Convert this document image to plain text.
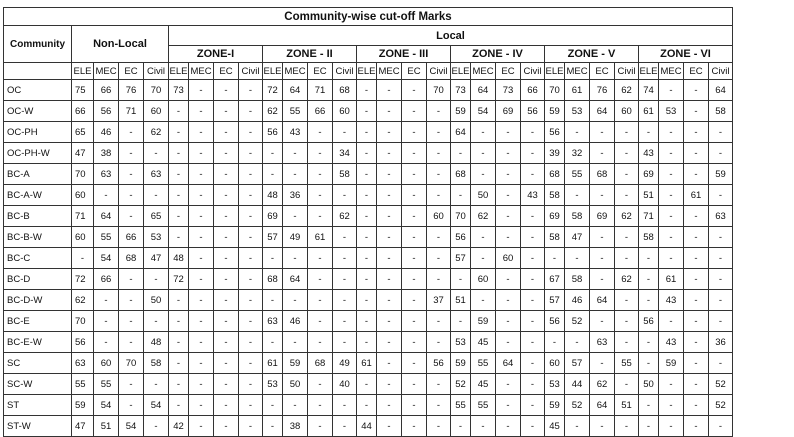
Community-wise cut-off Marks																												
Community	Non-Local				Local																							
					ZONE-I				ZONE - II				ZONE - III				ZONE - IV				ZONE - V				ZONE - VI			
	ELE	MEC	EC	Civil	ELE	MEC	EC	Civil	ELE	MEC	EC	Civil	ELE	MEC	EC	Civil	ELE	MEC	EC	Civil	ELE	MEC	EC	Civil	ELE	MEC	EC	Civil
OC	75	66	76	70	73	-	-	-	72	64	71	68	-	-	-	70	73	64	73	66	70	61	76	62	74	-	-	64
OC-W	66	56	71	60	-	-	-	-	62	55	66	60	-	-	-	-	59	54	69	56	59	53	64	60	61	53	-	58
OC-PH	65	46	-	62	-	-	-	-	56	43	-	-	-	-	-	-	64	-	-	-	56	-	-	-	-	-	-	-
OC-PH-W	47	38	-	-	-	-	-	-	-	-	-	34	-	-	-	-	-	-	-	-	39	32	-	-	43	-	-	-
BC-A	70	63	-	63	-	-	-	-	-	-	-	58	-	-	-	-	68	-	-	-	68	55	68	-	69	-	-	59
BC-A-W	60	-	-	-	-	-	-	-	48	36	-	-	-	-	-	-	-	50	-	43	58	-	-	-	51	-	61	-
BC-B	71	64	-	65	-	-	-	-	69	-	-	62	-	-	-	60	70	62	-	-	69	58	69	62	71	-	-	63
BC-B-W	60	55	66	53	-	-	-	-	57	49	61	-	-	-	-	-	56	-	-	-	58	47	-	-	58	-	-	-
BC-C	-	54	68	47	48	-	-	-	-	-	-	-	-	-	-	-	57	-	60	-	-	-	-	-	-	-	-	-
BC-D	72	66	-	-	72	-	-	-	68	64	-	-	-	-	-	-	-	60	-	-	67	58	-	62	-	61	-	-
BC-D-W	62	-	-	50	-	-	-	-	-	-	-	-	-	-	-	37	51	-	-	-	57	46	64	-	-	43	-	-
BC-E	70	-	-	-	-	-	-	-	63	46	-	-	-	-	-	-	-	59	-	-	56	52	-	-	56	-	-	-
BC-E-W	56	-	-	48	-	-	-	-	-	-	-	-	-	-	-	-	53	45	-	-	-	-	63	-	-	43	-	36
SC	63	60	70	58	-	-	-	-	61	59	68	49	61	-	-	56	59	55	64	-	60	57	-	55	-	59	-	-
SC-W	55	55	-	-	-	-	-	-	53	50	-	40	-	-	-	-	52	45	-	-	53	44	62	-	50	-	-	52
ST	59	54	-	54	-	-	-	-	-	-	-	-	-	-	-	-	55	55	-	-	59	52	64	51	-	-	-	52
ST-W	47	51	54	-	42	-	-	-	-	38	-	-	44	-	-	-	-	-	-	-	45	-	-	-	-	-	-	-
